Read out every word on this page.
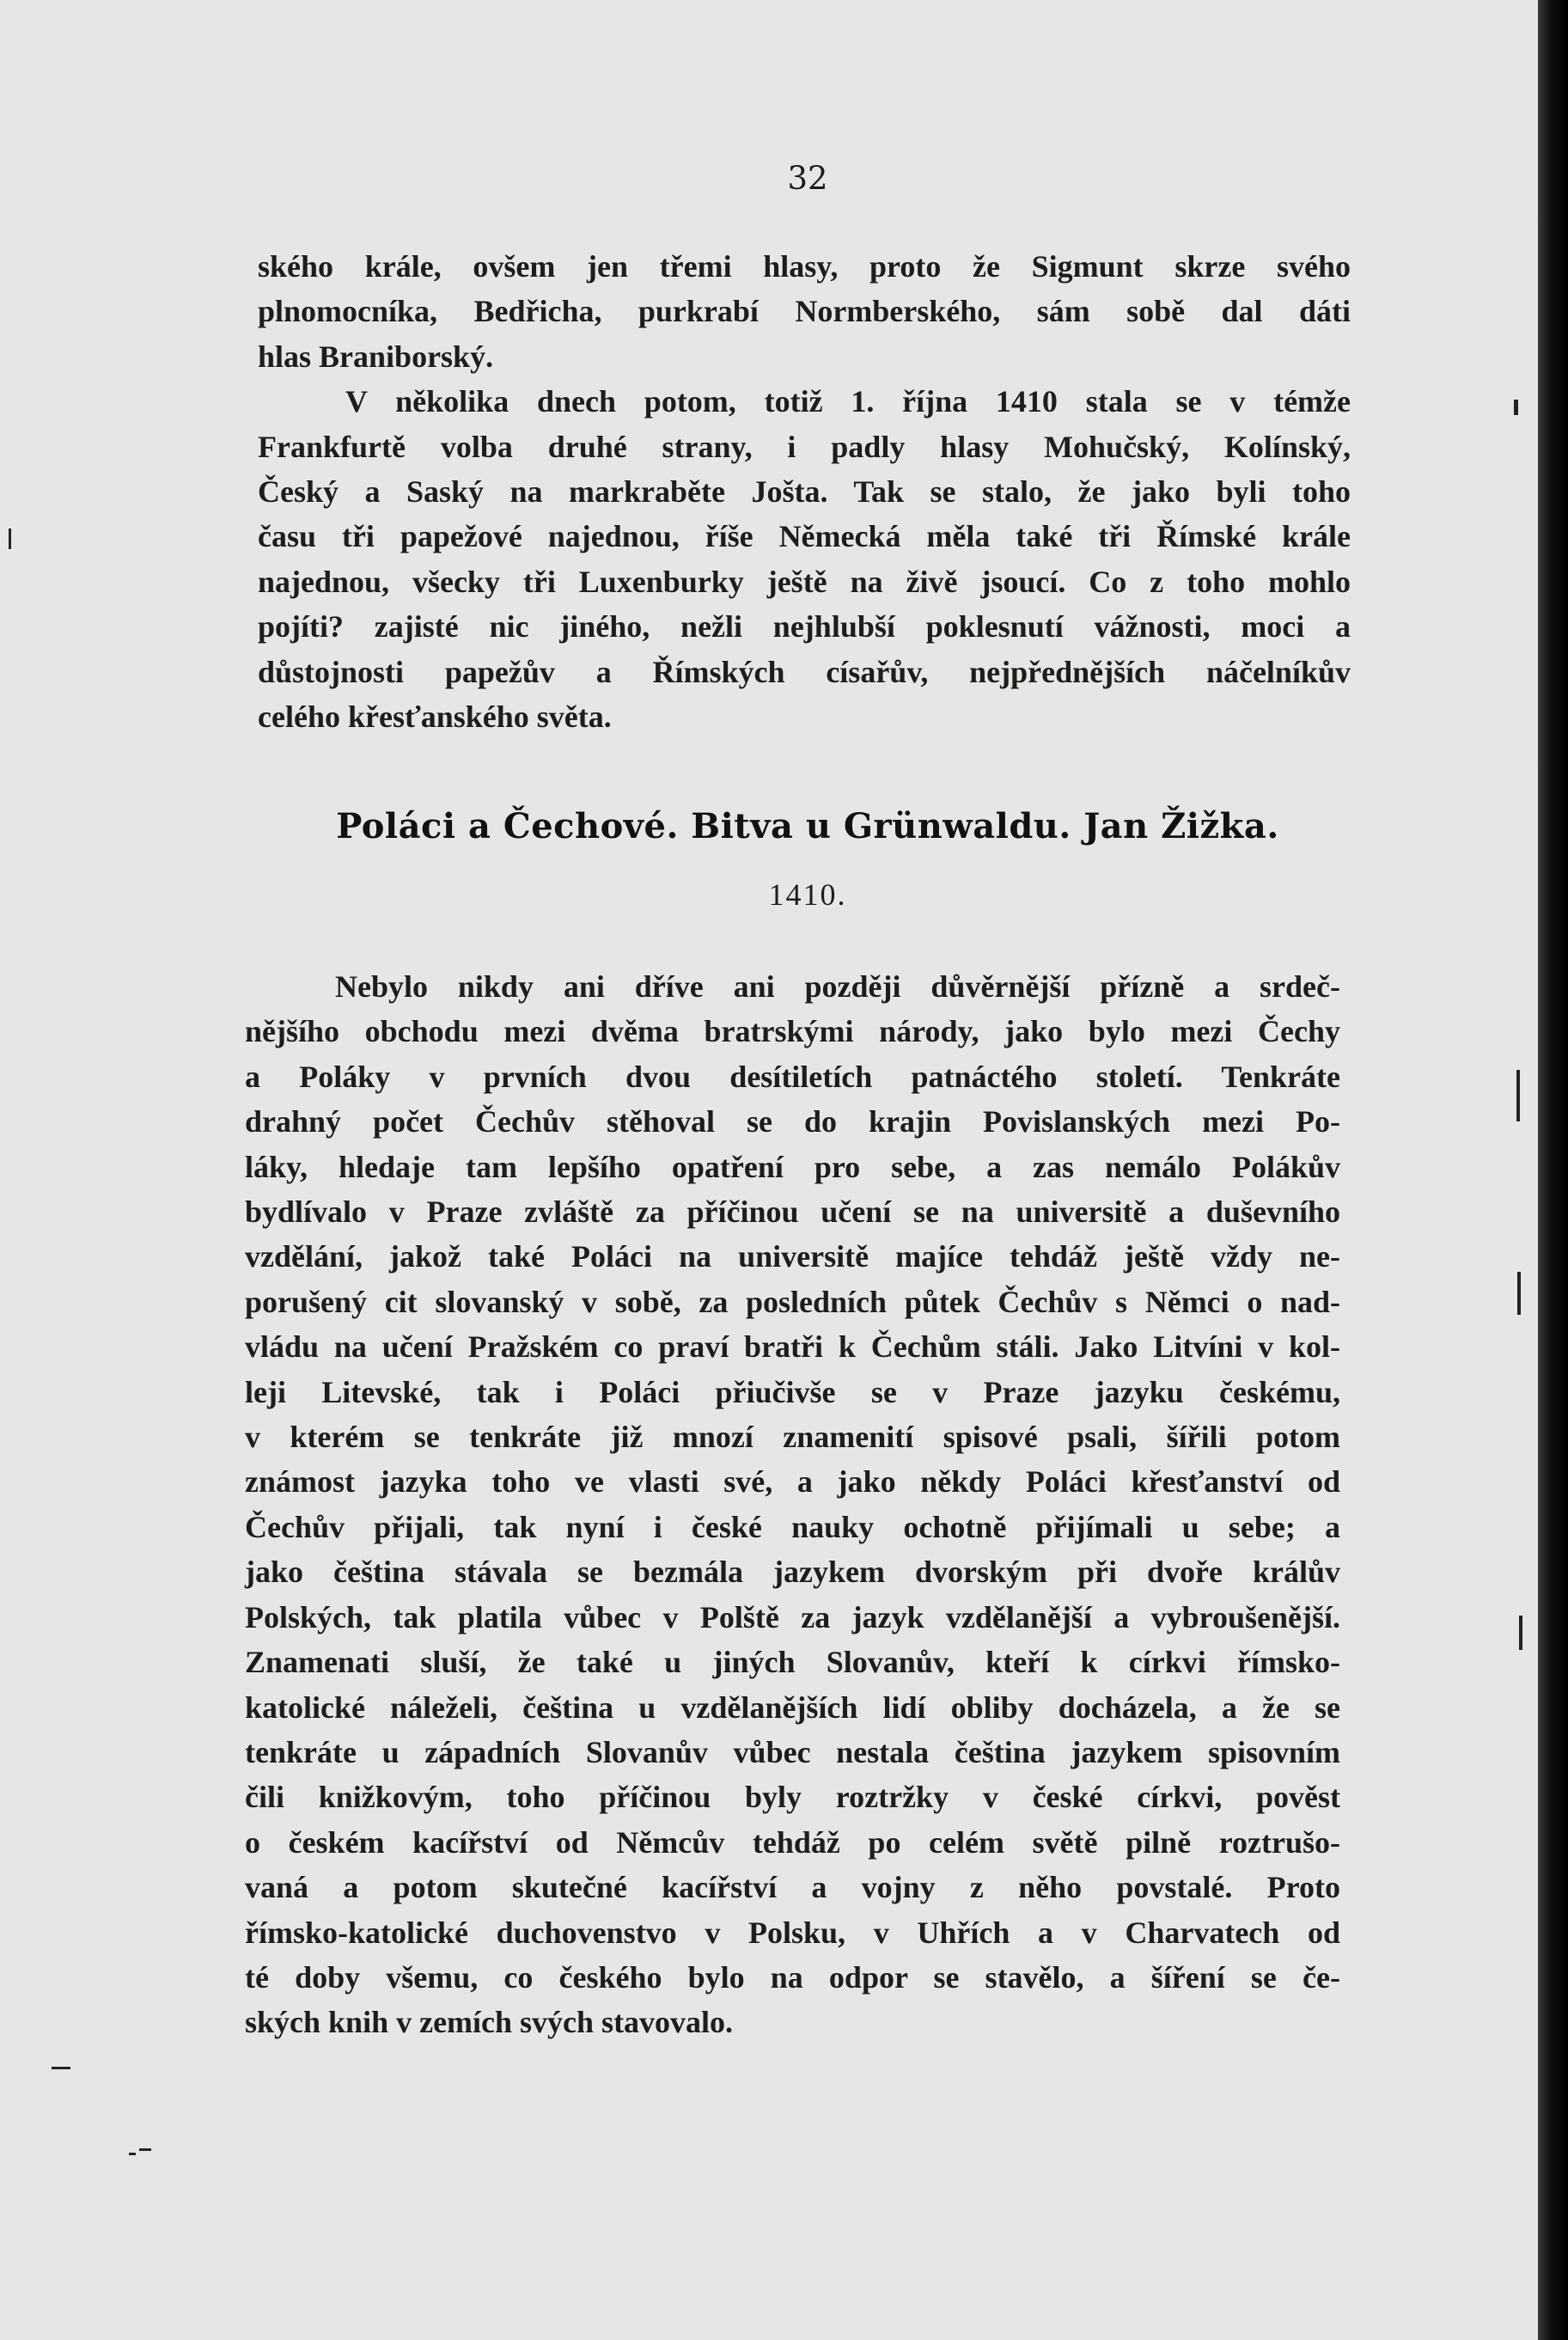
32

ského krále, ovšem jen třemi hlasy, proto že Sigmunt skrze svého
plnomocníka, Bedřicha, purkrabí Normberského, sám sobě dal dáti
hlas Braniborský.
V několika dnech potom, totiž 1. října 1410 stala se v témže
Frankfurtě volba druhé strany, i padly hlasy Mohučský, Kolínský,
Český a Saský na markraběte Jošta. Tak se stalo, že jako byli toho
času tři papežové najednou, říše Německá měla také tři Římské krále
najednou, všecky tři Luxenburky ještě na živě jsoucí. Co z toho mohlo
pojíti? zajisté nic jiného, nežli nejhlubší poklesnutí vážnosti, moci a
důstojnosti papežův a Římských císařův, nejpřednějších náčelníkův
celého křesťanského světa.
Poláci a Čechové. Bitva u Grünwaldu. Jan Žižka.

1410.

Nebylo nikdy ani dříve ani později důvěrnější přízně a srdeč-
nějšího obchodu mezi dvěma bratrskými národy, jako bylo mezi Čechy
a Poláky v prvních dvou desítiletích patnáctého století. Tenkráte
drahný počet Čechův stěhoval se do krajin Povislanských mezi Po-
láky, hledaje tam lepšího opatření pro sebe, a zas nemálo Polákův
bydlívalo v Praze zvláště za příčinou učení se na universitě a duševního
vzdělání, jakož také Poláci na universitě majíce tehdáž ještě vždy ne-
porušený cit slovanský v sobě, za posledních půtek Čechův s Němci o nad-
vládu na učení Pražském co praví bratři k Čechům stáli. Jako Litvíni v kol-
leji Litevské, tak i Poláci přiučivše se v Praze jazyku českému,
v kterém se tenkráte již mnozí znamenití spisové psali, šířili potom
známost jazyka toho ve vlasti své, a jako někdy Poláci křesťanství od
Čechův přijali, tak nyní i české nauky ochotně přijímali u sebe; a
jako čeština stávala se bezmála jazykem dvorským při dvoře králův
Polských, tak platila vůbec v Polště za jazyk vzdělanější a vybroušenější.
Znamenati sluší, že také u jiných Slovanův, kteří k církvi římsko-
katolické náleželi, čeština u vzdělanějších lidí obliby docházela, a že se
tenkráte u západních Slovanův vůbec nestala čeština jazykem spisovním
čili knižkovým, toho příčinou byly roztržky v české církvi, pověst
o českém kacířství od Němcův tehdáž po celém světě pilně roztrušo-
vaná a potom skutečné kacířství a vojny z něho povstalé. Proto
římsko-katolické duchovenstvo v Polsku, v Uhřích a v Charvatech od
té doby všemu, co českého bylo na odpor se stavělo, a šíření se če-
ských knih v zemích svých stavovalo.
